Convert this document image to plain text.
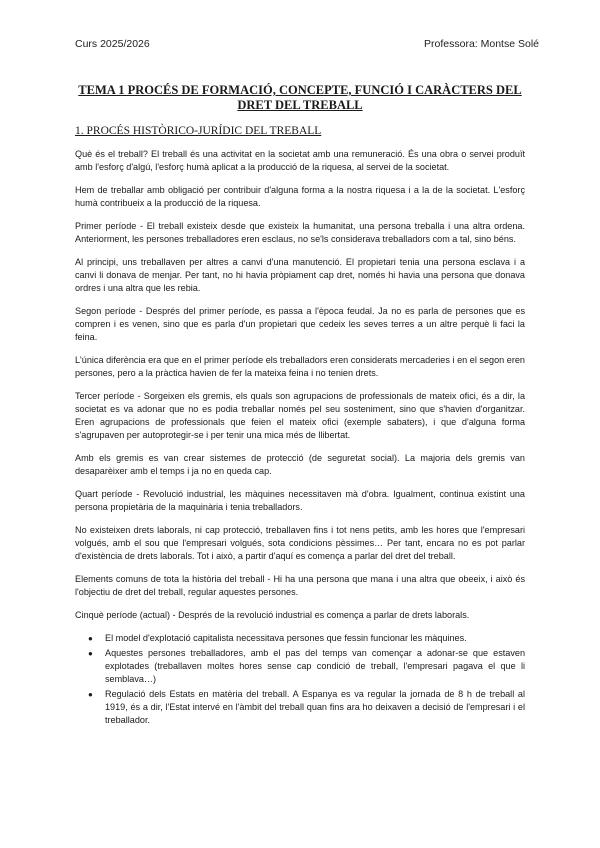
Curs 2025/2026	Professora: Montse Solé
TEMA 1 PROCÉS DE FORMACIÓ, CONCEPTE, FUNCIÓ I CARÀCTERS DEL DRET DEL TREBALL
1. PROCÉS HISTÒRICO-JURÍDIC DEL TREBALL

Què és el treball? El treball és una activitat en la societat amb una remuneració. És una obra o servei produït amb l'esforç d'algú, l'esforç humà aplicat a la producció de la riquesa, al servei de la societat.

Hem de treballar amb obligació per contribuir d'alguna forma a la nostra riquesa i a la de la societat. L'esforç humà contribueix a la producció de la riquesa.

Primer període - El treball existeix desde que existeix la humanitat, una persona treballa i una altra ordena. Anteriorment, les persones treballadores eren esclaus, no se'ls considerava treballadors com a tal, sino béns.

Al principi, uns treballaven per altres a canvi d'una manutenció. El propietari tenia una persona esclava i a canvi li donava de menjar. Per tant, no hi havia pròpiament cap dret, només hi havia una persona que donava ordres i una altra que les rebia.

Segon període - Després del primer període, es passa a l'època feudal. Ja no es parla de persones que es compren i es venen, sino que es parla d'un propietari que cedeix les seves terres a un altre perquè li faci la feina.

L'única diferència era que en el primer període els treballadors eren considerats mercaderies i en el segon eren persones, pero a la pràctica havien de fer la mateixa feina i no tenien drets.

Tercer període - Sorgeixen els gremis, els quals son agrupacions de professionals de mateix ofici, és a dir, la societat es va adonar que no es podia treballar només pel seu sosteniment, sino que s'havien d'organitzar. Eren agrupacions de professionals que feien el mateix ofici (exemple sabaters), i que d'alguna forma s'agrupaven per autoprotegir-se i per tenir una mica més de llibertat.

Amb els gremis es van crear sistemes de protecció (de seguretat social). La majoria dels gremis van desaparèixer amb el temps i ja no en queda cap.

Quart període - Revolució industrial, les màquines necessitaven mà d'obra. Igualment, continua existint una persona propietària de la maquinària i tenia treballadors.

No existeixen drets laborals, ni cap protecció, treballaven fins i tot nens petits, amb les hores que l'empresari volgués, amb el sou que l'empresari volgués, sota condicions pèssimes… Per tant, encara no es pot parlar d'existència de drets laborals. Tot i això, a partir d'aquí es comença a parlar del dret del treball.

Elements comuns de tota la història del treball - Hi ha una persona que mana i una altra que obeeix, i això és l'objectiu de dret del treball, regular aquestes persones.

Cinquè període (actual) - Després de la revolució industrial es comença a parlar de drets laborals.

● El model d'explotació capitalista necessitava persones que fessin funcionar les màquines.
● Aquestes persones treballadores, amb el pas del temps van començar a adonar-se que estaven explotades (treballaven moltes hores sense cap condició de treball, l'empresari pagava el que li semblava…)
● Regulació dels Estats en matèria del treball. A Espanya es va regular la jornada de 8 h de treball al 1919, és a dir, l'Estat intervé en l'àmbit del treball quan fins ara ho deixaven a decisió de l'empresari i el treballador.
